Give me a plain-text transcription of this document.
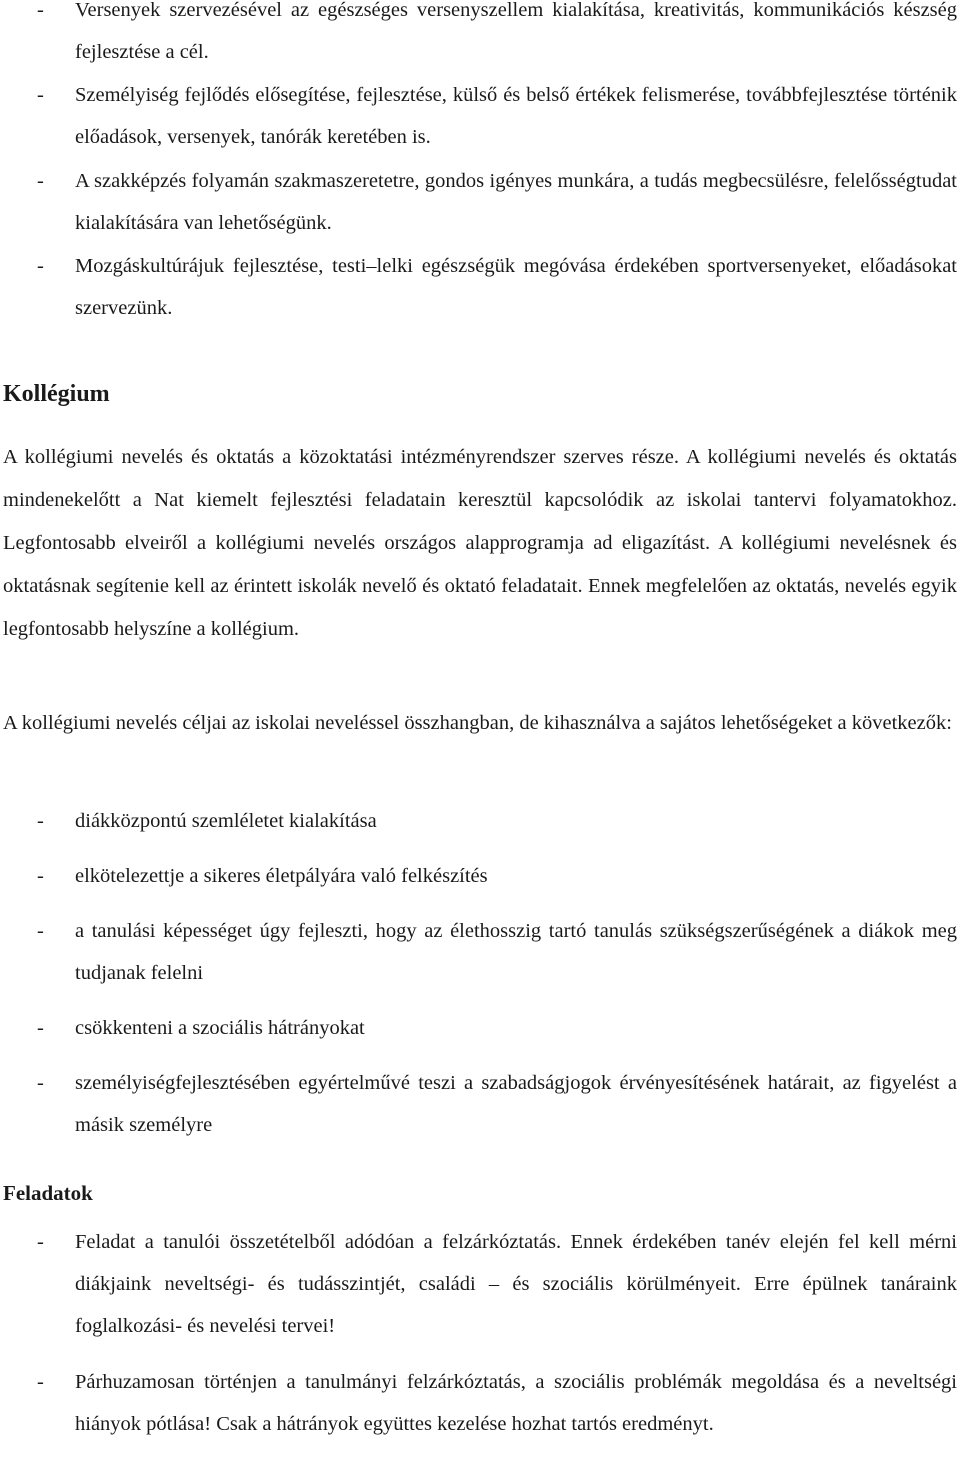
- Versenyek szervezésével az egészséges versenyszellem kialakítása, kreativitás, kommunikációs készség fejlesztése a cél.
- Személyiség fejlődés elősegítése, fejlesztése, külső és belső értékek felismerése, továbbfejlesztése történik előadások, versenyek, tanórák keretében is.
- A szakképzés folyamán szakmaszeretetre, gondos igényes munkára, a tudás megbecsülésre, felelősségtudat kialakítására van lehetőségünk.
- Mozgáskultúrájuk fejlesztése, testi–lelki egészségük megóvása érdekében sportversenyeket, előadásokat szervezünk.
Kollégium
A kollégiumi nevelés és oktatás a közoktatási intézményrendszer szerves része. A kollégiumi nevelés és oktatás mindenekelőtt a Nat kiemelt fejlesztési feladatain keresztül kapcsolódik az iskolai tantervi folyamatokhoz. Legfontosabb elveiről a kollégiumi nevelés országos alapprogramja ad eligazítást. A kollégiumi nevelésnek és oktatásnak segítenie kell az érintett iskolák nevelő és oktató feladatait. Ennek megfelelően az oktatás, nevelés egyik legfontosabb helyszíne a kollégium.
A kollégiumi nevelés céljai az iskolai neveléssel összhangban, de kihasználva a sajátos lehetőségeket a következők:
- diákközpontú szemléletet kialakítása
- elkötelezettje a sikeres életpályára való felkészítés
- a tanulási képességet úgy fejleszti, hogy az élethosszig tartó tanulás szükségszerűségének a diákok meg tudjanak felelni
- csökkenteni a szociális hátrányokat
- személyiségfejlesztésében egyértelművé teszi a szabadságjogok érvényesítésének határait, az figyelést a másik személyre
Feladatok
- Feladat a tanulói összetételből adódóan a felzárkóztatás. Ennek érdekében tanév elején fel kell mérni diákjaink neveltségi- és tudásszintjét, családi – és szociális körülményeit. Erre épülnek tanáraink foglalkozási- és nevelési tervei!
- Párhuzamosan történjen a tanulmányi felzárkóztatás, a szociális problémák megoldása és a neveltségi hiányok pótlása! Csak a hátrányok együttes kezelése hozhat tartós eredményt.
